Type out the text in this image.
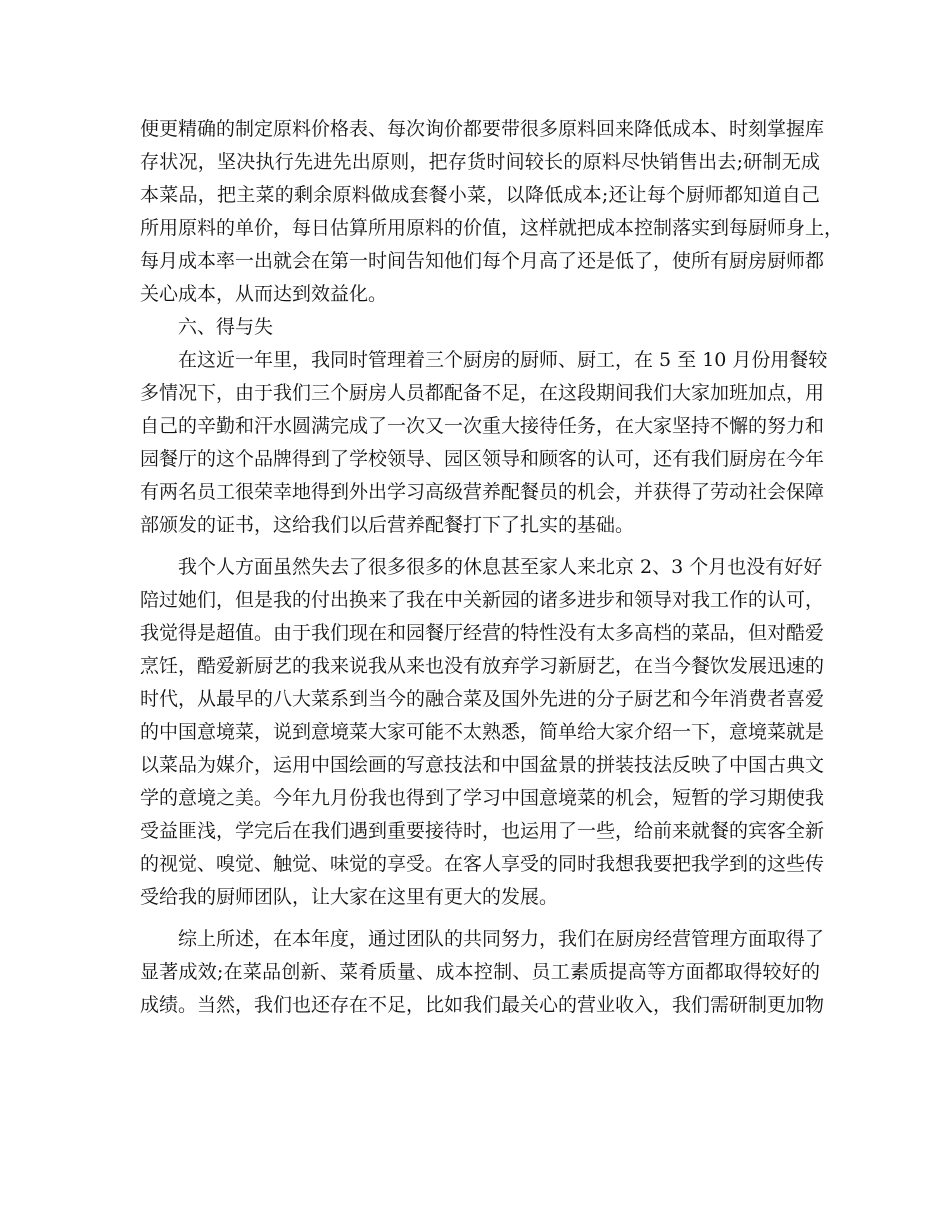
便更精确的制定原料价格表、每次询价都要带很多原料回来降低成本、时刻掌握库
存状况，坚决执行先进先出原则，把存货时间较长的原料尽快销售出去;研制无成
本菜品，把主菜的剩余原料做成套餐小菜，以降低成本;还让每个厨师都知道自己
所用原料的单价，每日估算所用原料的价值，这样就把成本控制落实到每厨师身上，
每月成本率一出就会在第一时间告知他们每个月高了还是低了，使所有厨房厨师都
关心成本，从而达到效益化。
六、得与失
在这近一年里，我同时管理着三个厨房的厨师、厨工，在 5 至 10 月份用餐较
多情况下，由于我们三个厨房人员都配备不足，在这段期间我们大家加班加点，用
自己的辛勤和汗水圆满完成了一次又一次重大接待任务，在大家坚持不懈的努力和
园餐厅的这个品牌得到了学校领导、园区领导和顾客的认可，还有我们厨房在今年
有两名员工很荣幸地得到外出学习高级营养配餐员的机会，并获得了劳动社会保障
部颁发的证书，这给我们以后营养配餐打下了扎实的基础。
我个人方面虽然失去了很多很多的休息甚至家人来北京 2、3 个月也没有好好
陪过她们，但是我的付出换来了我在中关新园的诸多进步和领导对我工作的认可，
我觉得是超值。由于我们现在和园餐厅经营的特性没有太多高档的菜品，但对酷爱
烹饪，酷爱新厨艺的我来说我从来也没有放弃学习新厨艺，在当今餐饮发展迅速的
时代，从最早的八大菜系到当今的融合菜及国外先进的分子厨艺和今年消费者喜爱
的中国意境菜，说到意境菜大家可能不太熟悉，简单给大家介绍一下，意境菜就是
以菜品为媒介，运用中国绘画的写意技法和中国盆景的拼装技法反映了中国古典文
学的意境之美。今年九月份我也得到了学习中国意境菜的机会，短暂的学习期使我
受益匪浅，学完后在我们遇到重要接待时，也运用了一些，给前来就餐的宾客全新
的视觉、嗅觉、触觉、味觉的享受。在客人享受的同时我想我要把我学到的这些传
受给我的厨师团队，让大家在这里有更大的发展。
综上所述，在本年度，通过团队的共同努力，我们在厨房经营管理方面取得了
显著成效;在菜品创新、菜肴质量、成本控制、员工素质提高等方面都取得较好的
成绩。当然，我们也还存在不足，比如我们最关心的营业收入，我们需研制更加物
